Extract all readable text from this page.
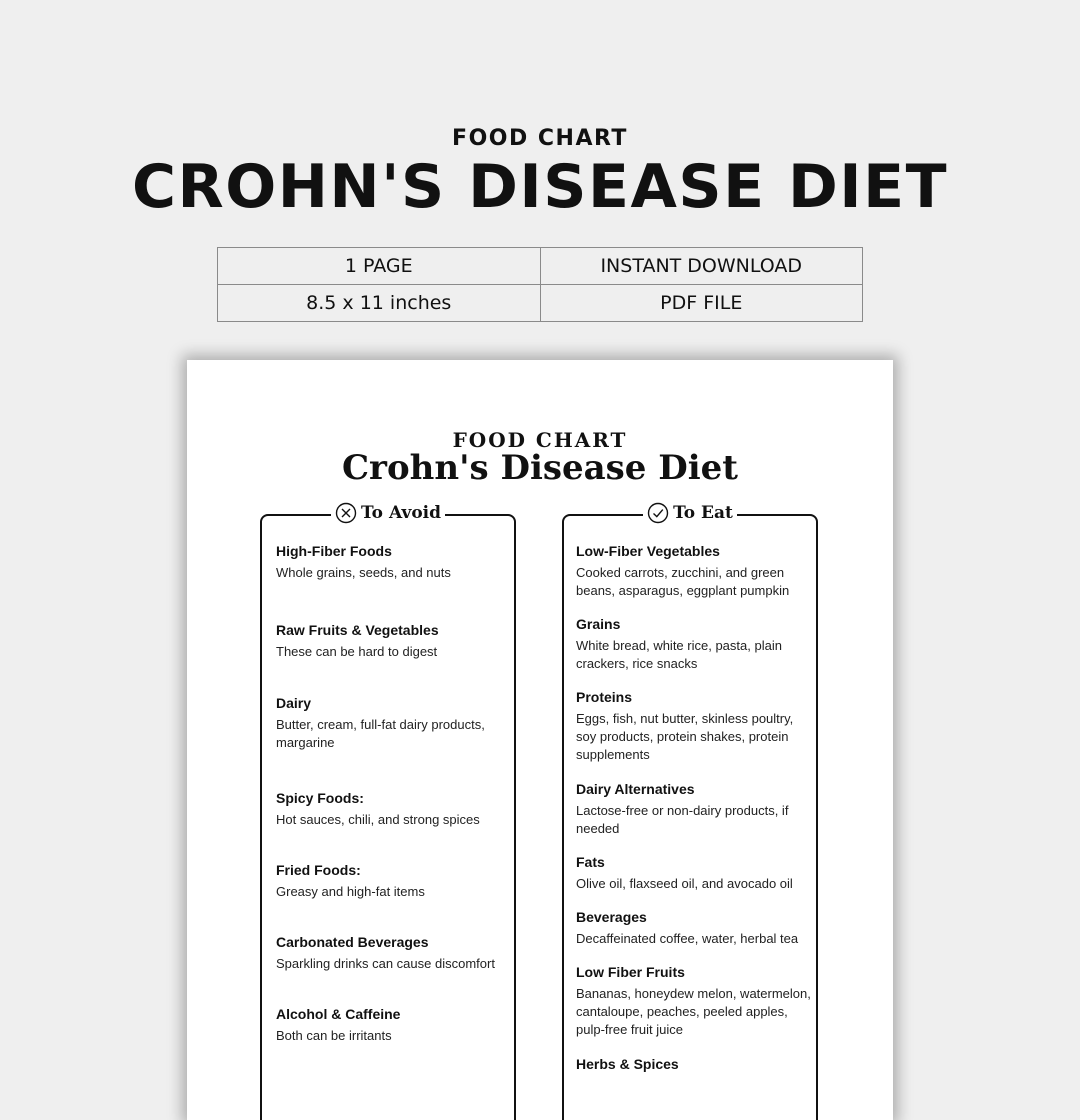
FOOD CHART
CROHN'S DISEASE DIET
1 PAGE	INSTANT DOWNLOAD
8.5 x 11 inches	PDF FILE
FOOD CHART
Crohn's Disease Diet
To Avoid
High-Fiber Foods
Whole grains, seeds, and nuts
Raw Fruits & Vegetables
These can be hard to digest
Dairy
Butter, cream, full-fat dairy products, margarine
Spicy Foods:
Hot sauces, chili, and strong spices
Fried Foods:
Greasy and high-fat items
Carbonated Beverages
Sparkling drinks can cause discomfort
Alcohol & Caffeine
Both can be irritants
To Eat
Low-Fiber Vegetables
Cooked carrots, zucchini, and green beans, asparagus, eggplant pumpkin
Grains
White bread, white rice, pasta, plain crackers, rice snacks
Proteins
Eggs, fish, nut butter, skinless poultry, soy products, protein shakes, protein supplements
Dairy Alternatives
Lactose-free or non-dairy products, if needed
Fats
Olive oil, flaxseed oil, and avocado oil
Beverages
Decaffeinated coffee, water, herbal tea
Low Fiber Fruits
Bananas, honeydew melon, watermelon, cantaloupe, peaches, peeled apples, pulp-free fruit juice
Herbs & Spices
